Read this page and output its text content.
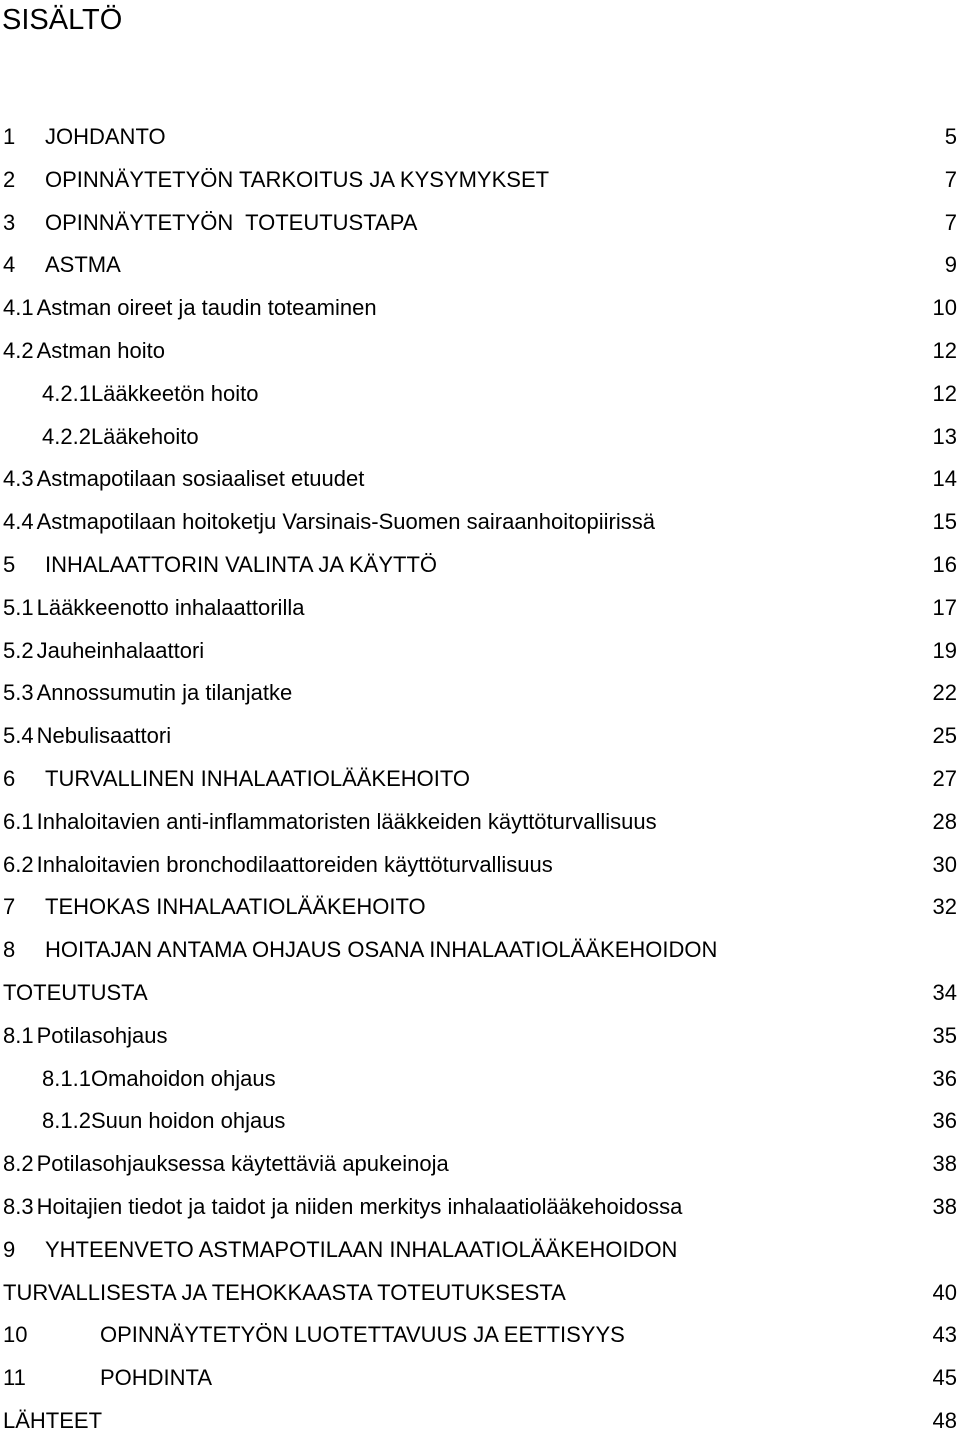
SISÄLTÖ
1 JOHDANTO	5
2 OPINNÄYTETYÖN TARKOITUS JA KYSYMYKSET	7
3 OPINNÄYTETYÖN  TOTEUTUSTAPA	7
4 ASTMA	9
4.1 Astman oireet ja taudin toteaminen	10
4.2 Astman hoito	12
4.2.1Lääkkeetön hoito	12
4.2.2Lääkehoito	13
4.3 Astmapotilaan sosiaaliset etuudet	14
4.4 Astmapotilaan hoitoketju Varsinais-Suomen sairaanhoitopiirissä	15
5 INHALAATTORIN VALINTA JA KÄYTTÖ	16
5.1 Lääkkeenotto inhalaattorilla	17
5.2 Jauheinhalaattori	19
5.3 Annossumutin ja tilanjatke	22
5.4 Nebulisaattori	25
6 TURVALLINEN INHALAATIOLÄÄKEHOITO	27
6.1 Inhaloitavien anti-inflammatoristen lääkkeiden käyttöturvallisuus	28
6.2 Inhaloitavien bronchodilaattoreiden käyttöturvallisuus	30
7 TEHOKAS INHALAATIOLÄÄKEHOITO	32
8 HOITAJAN ANTAMA OHJAUS OSANA INHALAATIOLÄÄKEHOIDON
TOTEUTUSTA	34
8.1 Potilasohjaus	35
8.1.1Omahoidon ohjaus	36
8.1.2Suun hoidon ohjaus	36
8.2 Potilasohjauksessa käytettäviä apukeinoja	38
8.3 Hoitajien tiedot ja taidot ja niiden merkitys inhalaatiolääkehoidossa	38
9 YHTEENVETO ASTMAPOTILAAN INHALAATIOLÄÄKEHOIDON
TURVALLISESTA JA TEHOKKAASTA TOTEUTUKSESTA	40
10	OPINNÄYTETYÖN LUOTETTAVUUS JA EETTISYYS	43
11	POHDINTA	45
LÄHTEET	48
